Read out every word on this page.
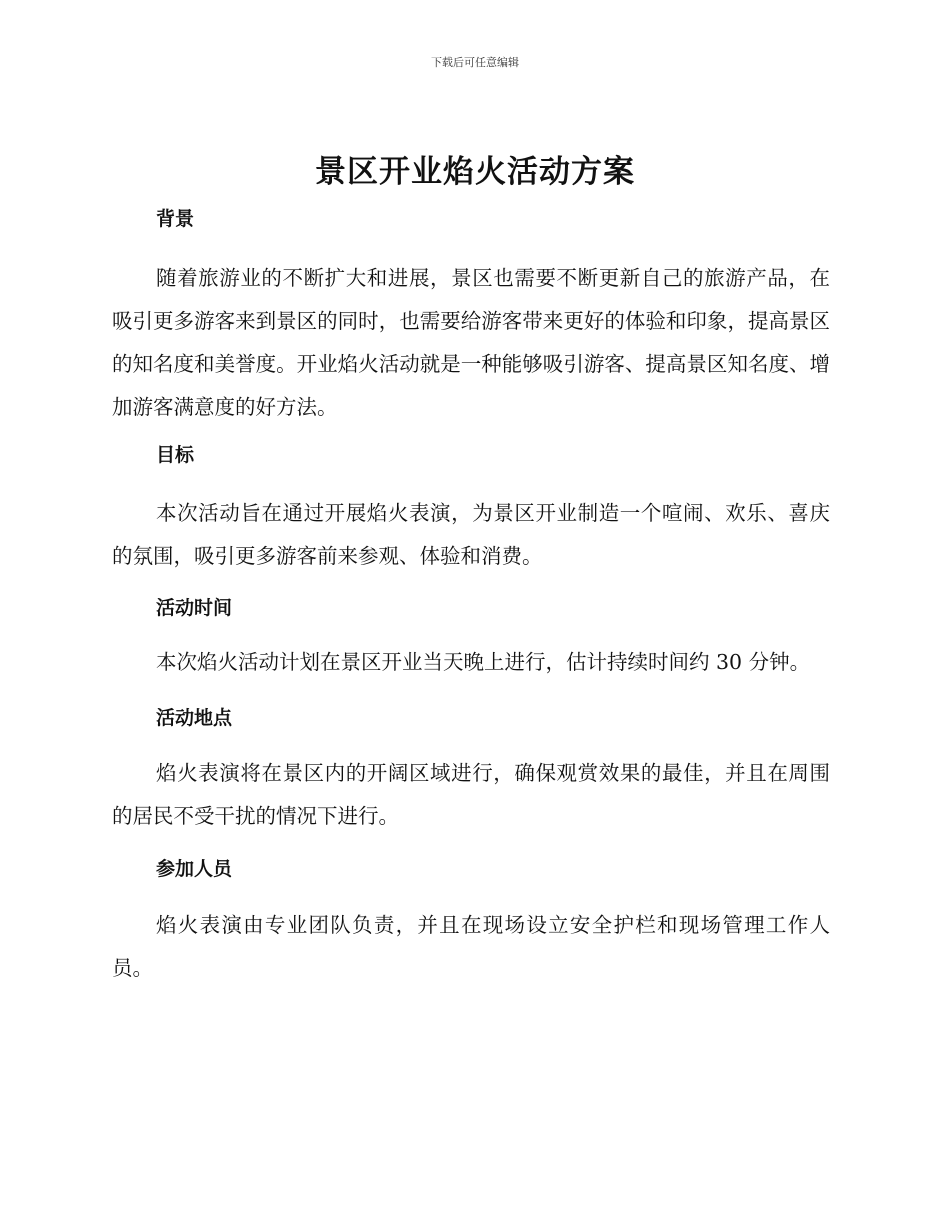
下载后可任意编辑
景区开业焰火活动方案
背景

随着旅游业的不断扩大和进展，景区也需要不断更新自己的旅游产品，在吸引更多游客来到景区的同时，也需要给游客带来更好的体验和印象，提高景区的知名度和美誉度。开业焰火活动就是一种能够吸引游客、提高景区知名度、增加游客满意度的好方法。

目标

本次活动旨在通过开展焰火表演，为景区开业制造一个喧闹、欢乐、喜庆的氛围，吸引更多游客前来参观、体验和消费。

活动时间

本次焰火活动计划在景区开业当天晚上进行，估计持续时间约 30 分钟。

活动地点

焰火表演将在景区内的开阔区域进行，确保观赏效果的最佳，并且在周围的居民不受干扰的情况下进行。

参加人员

焰火表演由专业团队负责，并且在现场设立安全护栏和现场管理工作人员。
